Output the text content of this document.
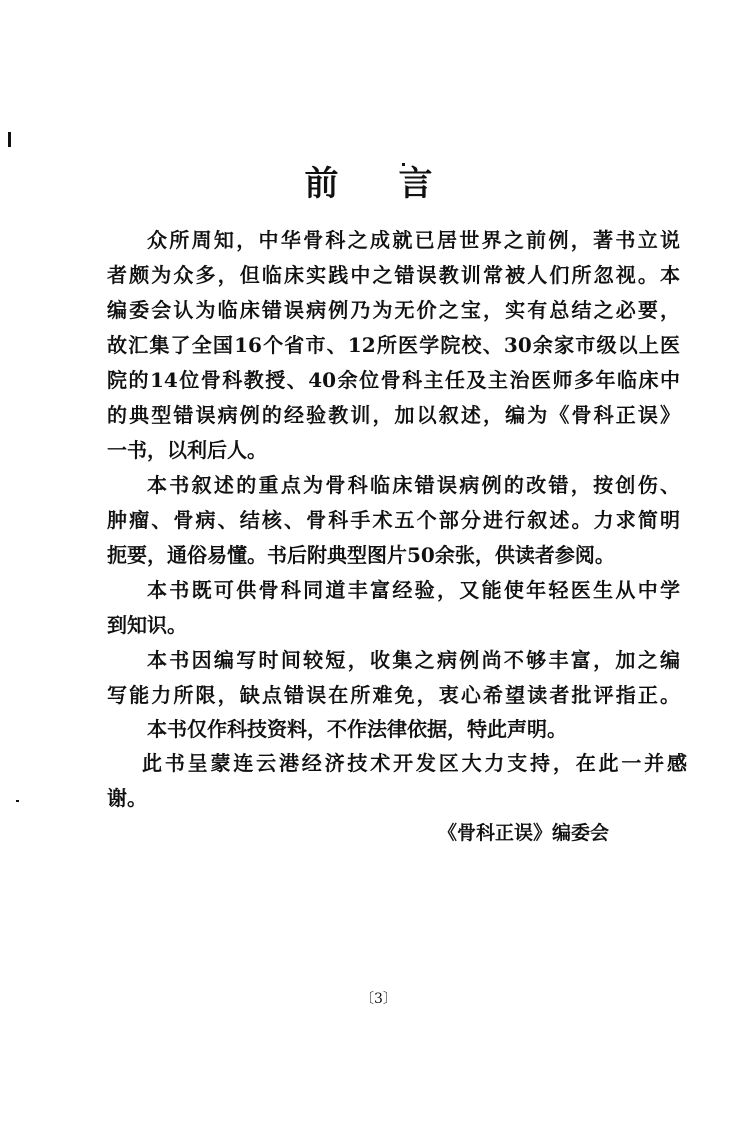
前 言
众所周知，中华骨科之成就已居世界之前例，著书立说
者颇为众多，但临床实践中之错误教训常被人们所忽视。本
编委会认为临床错误病例乃为无价之宝，实有总结之必要，
故汇集了全国16个省市、12所医学院校、30余家市级以上医
院的14位骨科教授、40余位骨科主任及主治医师多年临床中
的典型错误病例的经验教训，加以叙述，编为《骨科正误》
一书，以利后人。
本书叙述的重点为骨科临床错误病例的改错，按创伤、
肿瘤、骨病、结核、骨科手术五个部分进行叙述。力求简明
扼要，通俗易懂。书后附典型图片50余张，供读者参阅。
本书既可供骨科同道丰富经验，又能使年轻医生从中学
到知识。
本书因编写时间较短，收集之病例尚不够丰富，加之编
写能力所限，缺点错误在所难免，衷心希望读者批评指正。
本书仅作科技资料，不作法律依据，特此声明。
此书呈蒙连云港经济技术开发区大力支持，在此一并感
谢。
《骨科正误》编委会
〔3〕
